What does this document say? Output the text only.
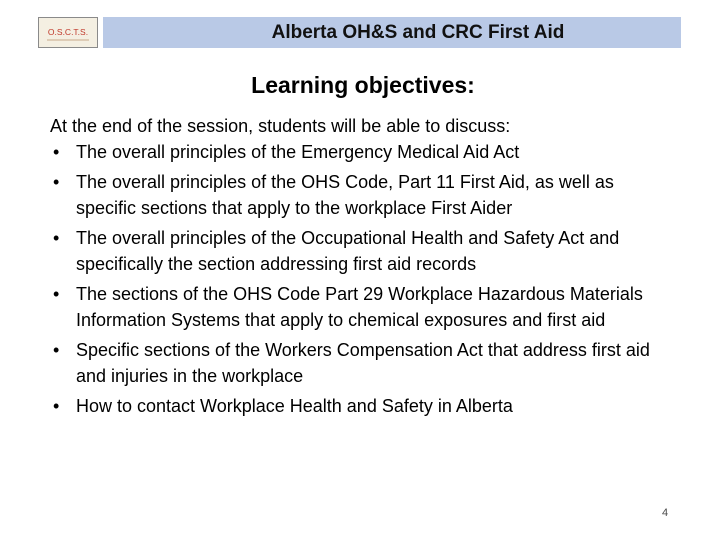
O.S.C.T.S.	Alberta OH&S and CRC First Aid
Learning objectives:
At the end of the session, students will be able to discuss:
• The overall principles of the Emergency Medical Aid Act
• The overall principles of the OHS Code, Part 11 First Aid, as well as specific sections that apply to the workplace First Aider
• The overall principles of the Occupational Health and Safety Act and specifically the section addressing first aid records
• The sections of the OHS Code Part 29 Workplace Hazardous Materials Information Systems that apply to chemical exposures and first aid
• Specific sections of the Workers Compensation Act that address first aid and injuries in the workplace
• How to contact Workplace Health and Safety in Alberta
4
